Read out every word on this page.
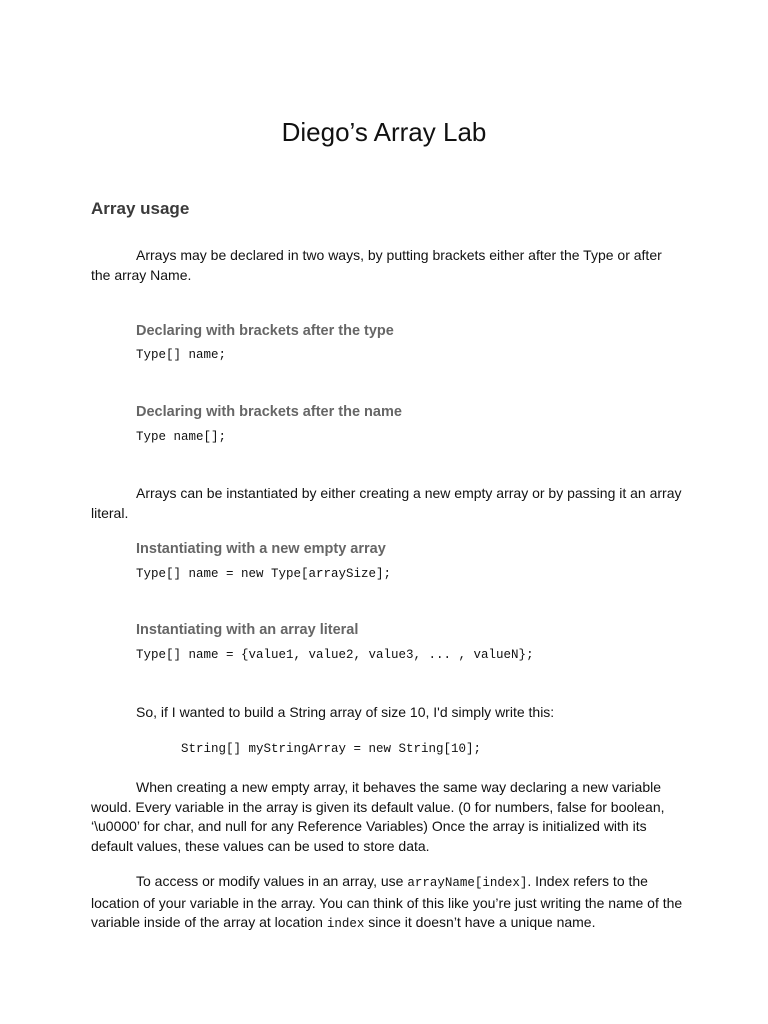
Diego’s Array Lab
Array usage

Arrays may be declared in two ways, by putting brackets either after the Type or after
the array Name.

Declaring with brackets after the type
Type[] name;
Declaring with brackets after the name
Type name[];

Arrays can be instantiated by either creating a new empty array or by passing it an array
literal.

Instantiating with a new empty array
Type[] name = new Type[arraySize];
Instantiating with an array literal
Type[] name = {value1, value2, value3, ... , valueN};

So, if I wanted to build a String array of size 10, I'd simply write this:

String[] myStringArray = new String[10];

When creating a new empty array, it behaves the same way declaring a new variable
would. Every variable in the array is given its default value. (0 for numbers, false for boolean,
‘\u0000’ for char, and null for any Reference Variables) Once the array is initialized with its
default values, these values can be used to store data.

To access or modify values in an array, use arrayName[index]. Index refers to the
location of your variable in the array. You can think of this like you’re just writing the name of the
variable inside of the array at location index since it doesn’t have a unique name.
